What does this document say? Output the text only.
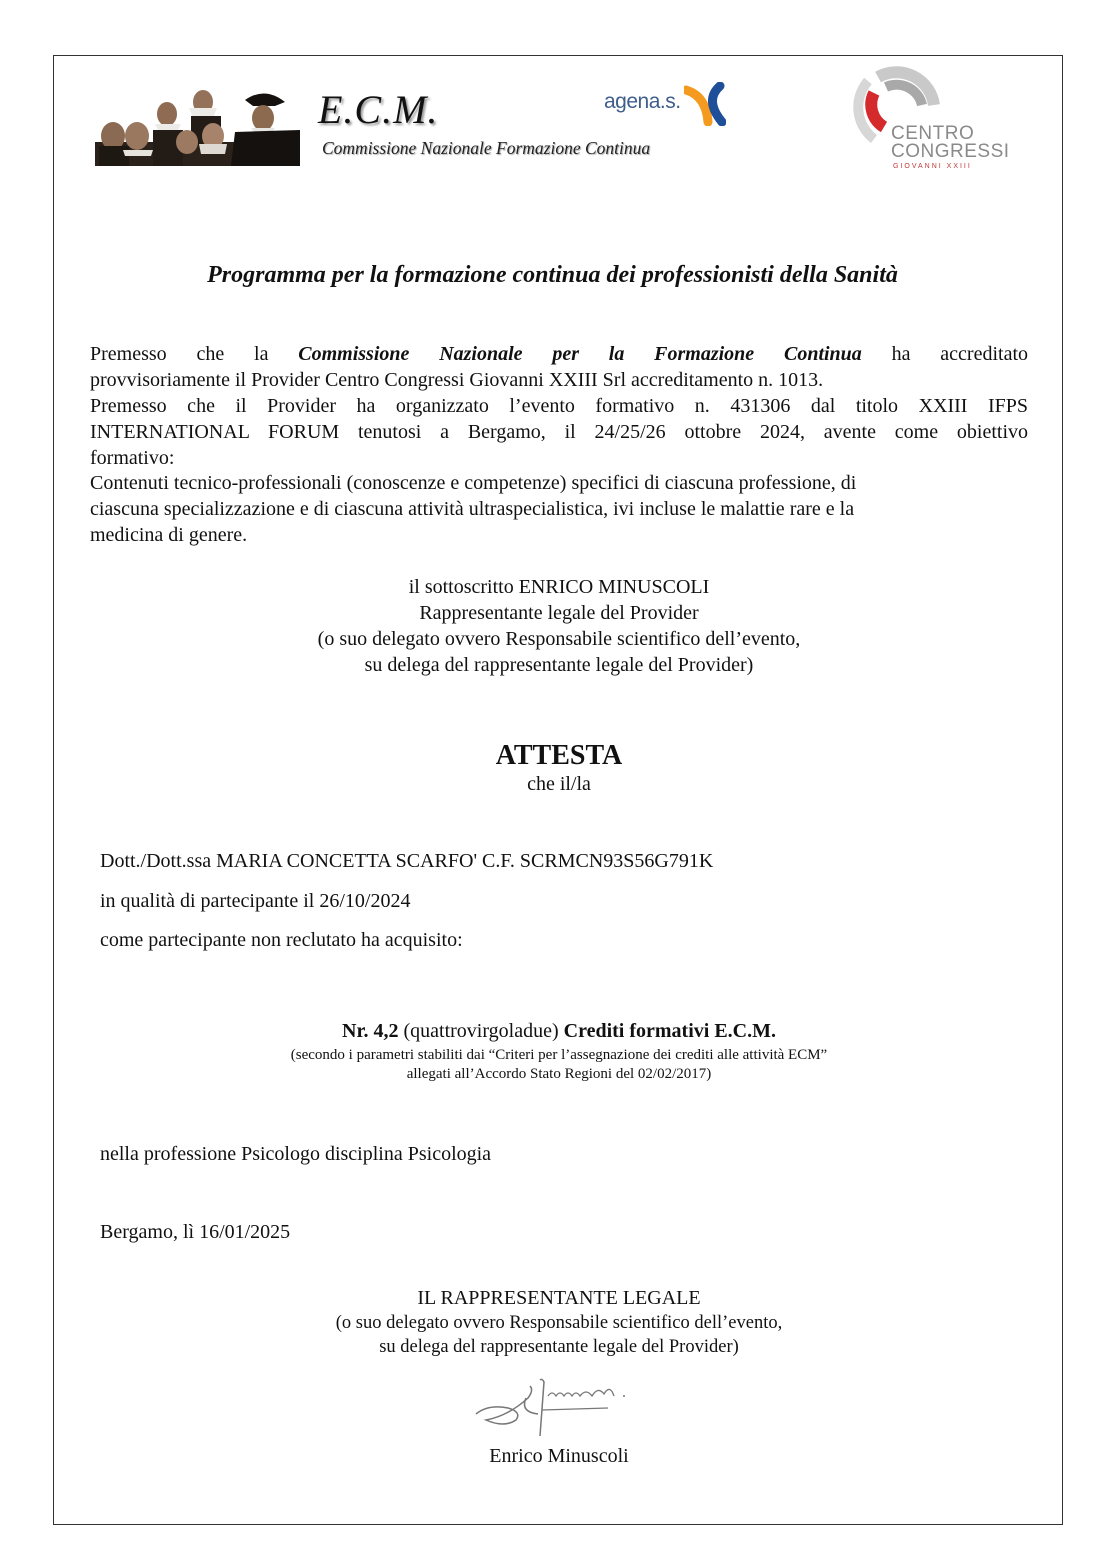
E.C.M.
Commissione Nazionale Formazione Continua
agena.s.
CENTRO
CONGRESSI
GIOVANNI XXIII
Programma per la formazione continua dei professionisti della Sanità
Premesso che la Commissione Nazionale per la Formazione Continua ha accreditato
provvisoriamente il Provider Centro Congressi Giovanni XXIII Srl accreditamento n. 1013.
Premesso che il Provider ha organizzato l’evento formativo n. 431306 dal titolo XXIII IFPS
INTERNATIONAL FORUM tenutosi a Bergamo, il 24/25/26 ottobre 2024, avente come obiettivo
formativo:
Contenuti tecnico-professionali (conoscenze e competenze) specifici di ciascuna professione, di
ciascuna specializzazione e di ciascuna attività ultraspecialistica, ivi incluse le malattie rare e la
medicina di genere.
il sottoscritto ENRICO MINUSCOLI
Rappresentante legale del Provider
(o suo delegato ovvero Responsabile scientifico dell’evento,
su delega del rappresentante legale del Provider)
ATTESTA
che il/la
Dott./Dott.ssa MARIA CONCETTA SCARFO' C.F. SCRMCN93S56G791K
in qualità di partecipante il 26/10/2024
come partecipante non reclutato ha acquisito:
Nr. 4,2 (quattrovirgoladue) Crediti formativi E.C.M.
(secondo i parametri stabiliti dai “Criteri per l’assegnazione dei crediti alle attività ECM”
allegati all’Accordo Stato Regioni del 02/02/2017)
nella professione Psicologo disciplina Psicologia
Bergamo, lì 16/01/2025
IL RAPPRESENTANTE LEGALE
(o suo delegato ovvero Responsabile scientifico dell’evento,
su delega del rappresentante legale del Provider)
Enrico Minuscoli
